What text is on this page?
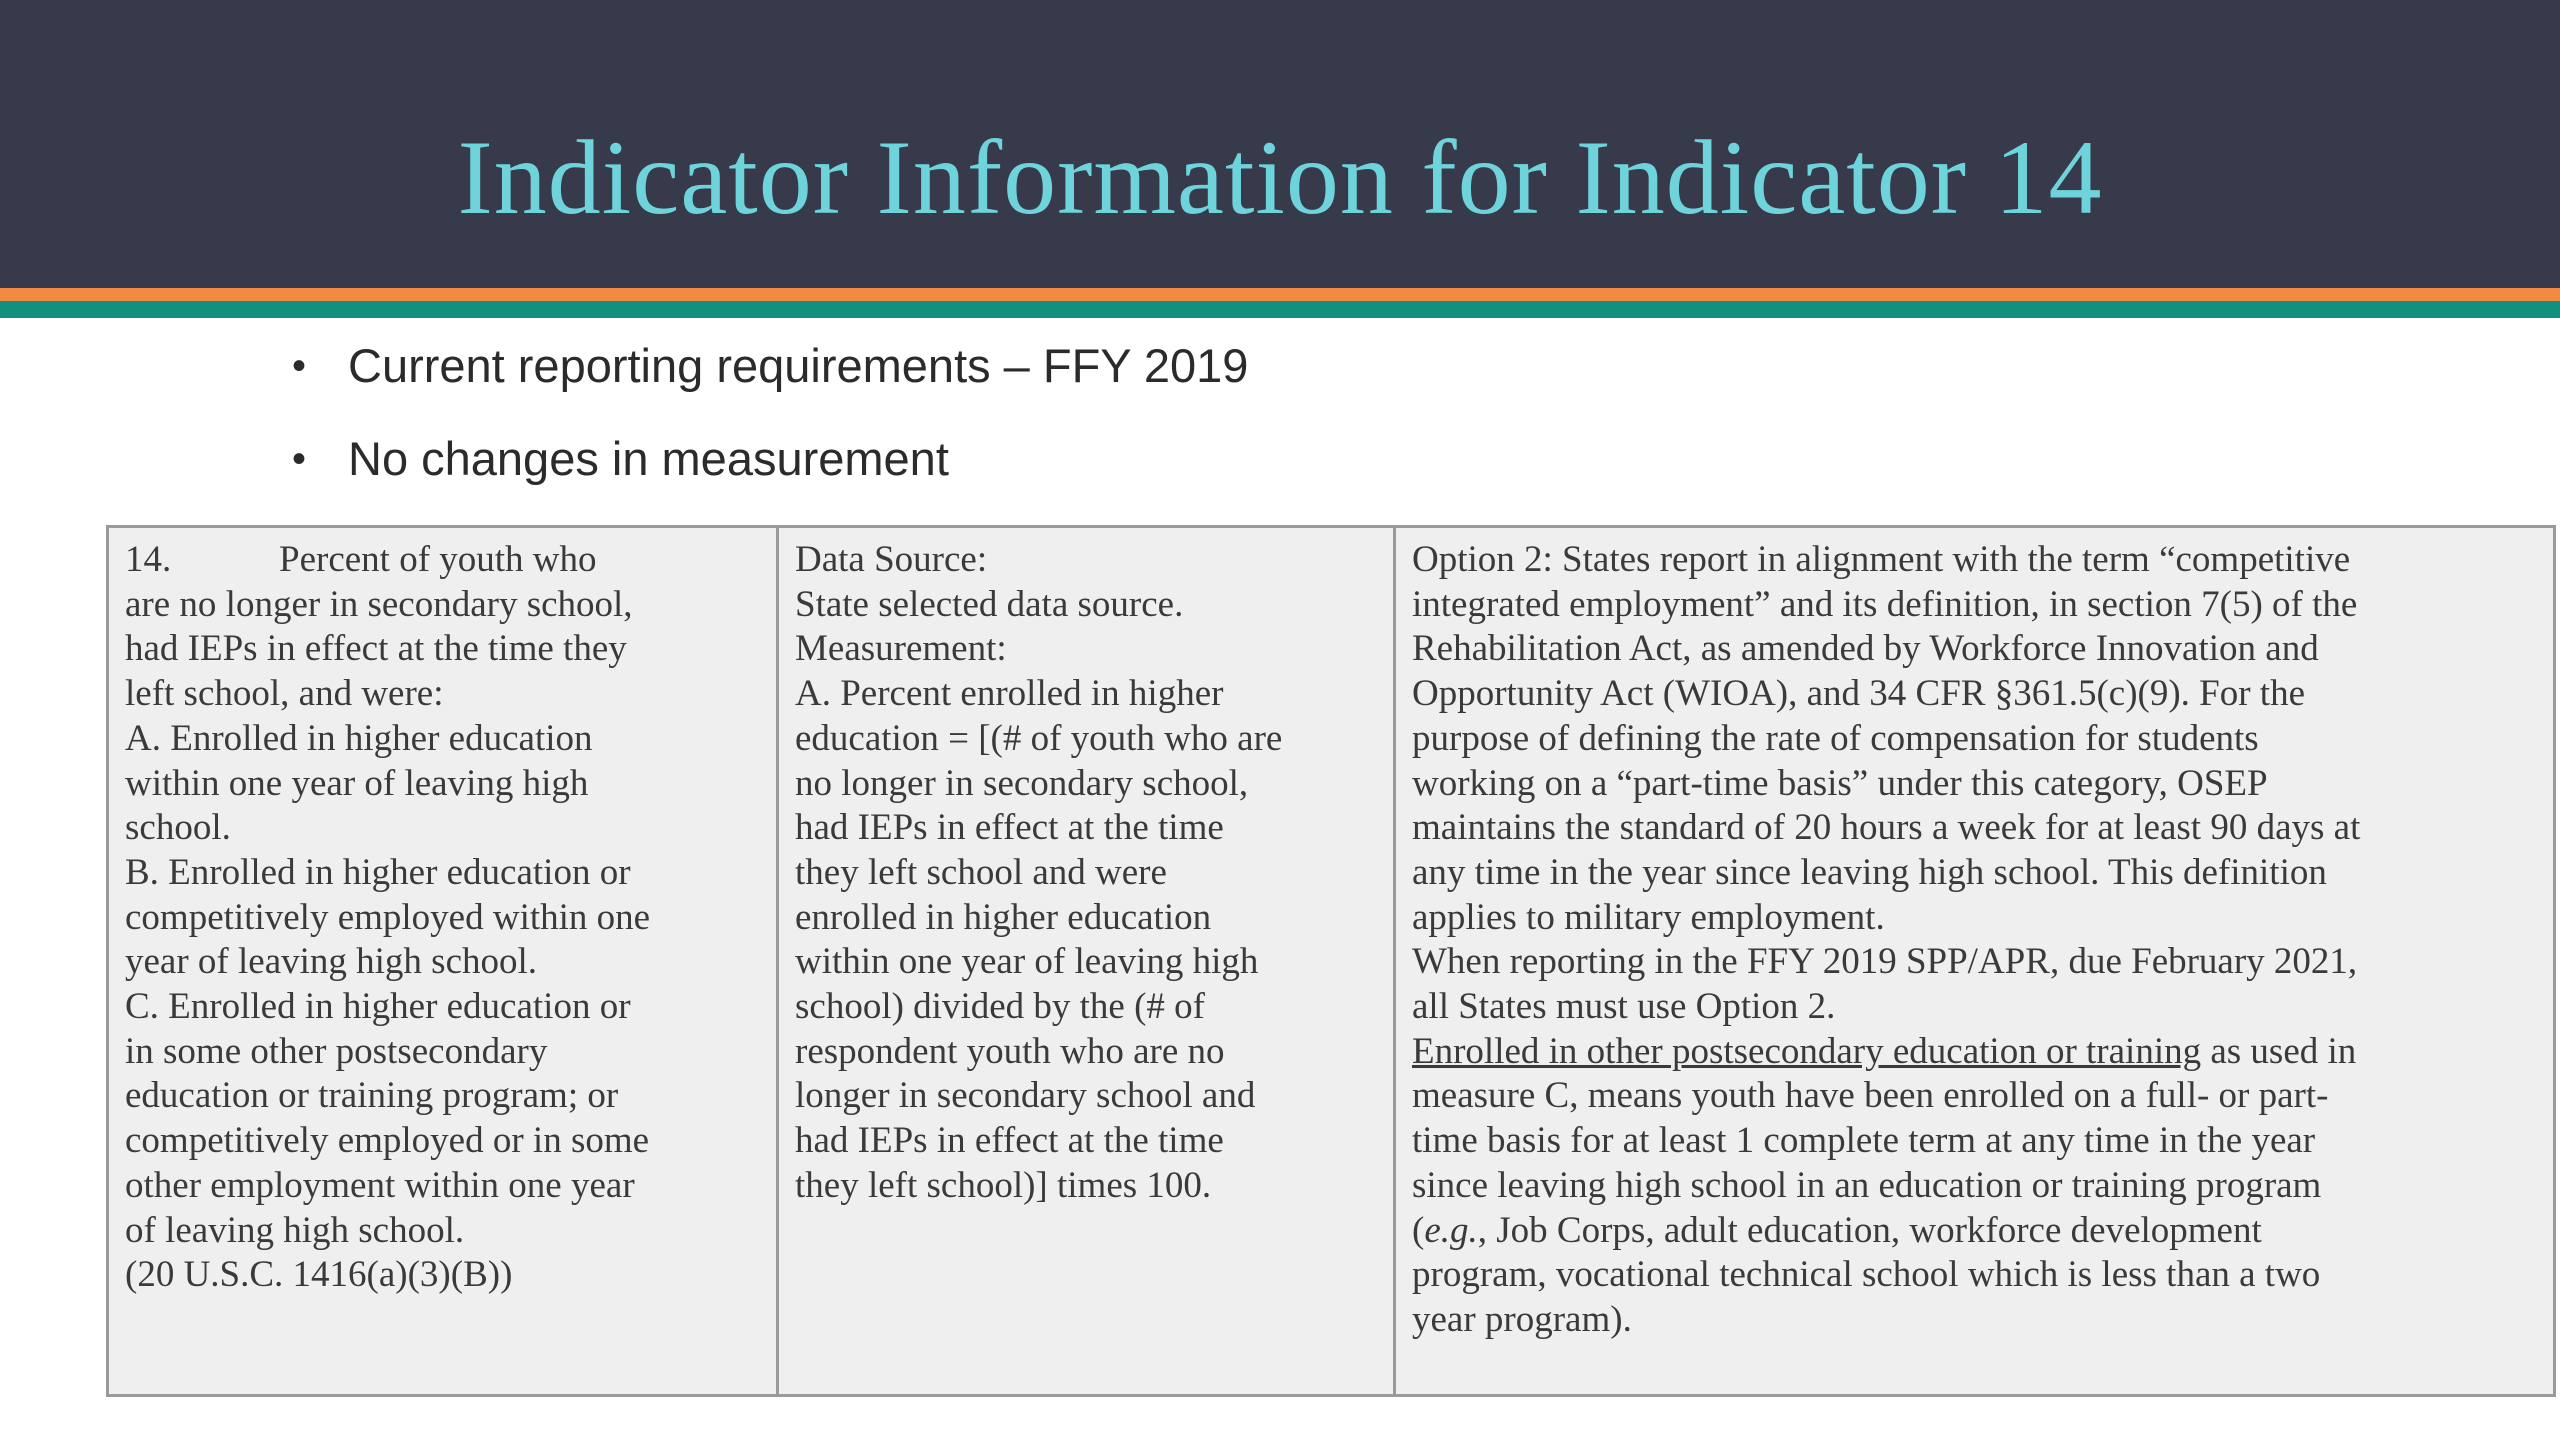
Indicator Information for Indicator 14
• Current reporting requirements – FFY 2019
• No changes in measurement
14.	Percent of youth who
are no longer in secondary school,
had IEPs in effect at the time they
left school, and were:
A. Enrolled in higher education
within one year of leaving high
school.
B. Enrolled in higher education or
competitively employed within one
year of leaving high school.
C. Enrolled in higher education or
in some other postsecondary
education or training program; or
competitively employed or in some
other employment within one year
of leaving high school.
(20 U.S.C. 1416(a)(3)(B))

Data Source:
State selected data source.
Measurement:
A. Percent enrolled in higher
education = [(# of youth who are
no longer in secondary school,
had IEPs in effect at the time
they left school and were
enrolled in higher education
within one year of leaving high
school) divided by the (# of
respondent youth who are no
longer in secondary school and
had IEPs in effect at the time
they left school)] times 100.

Option 2: States report in alignment with the term “competitive
integrated employment” and its definition, in section 7(5) of the
Rehabilitation Act, as amended by Workforce Innovation and
Opportunity Act (WIOA), and 34 CFR §361.5(c)(9). For the
purpose of defining the rate of compensation for students
working on a “part-time basis” under this category, OSEP
maintains the standard of 20 hours a week for at least 90 days at
any time in the year since leaving high school. This definition
applies to military employment.
When reporting in the FFY 2019 SPP/APR, due February 2021,
all States must use Option 2.
Enrolled in other postsecondary education or training as used in
measure C, means youth have been enrolled on a full- or part-
time basis for at least 1 complete term at any time in the year
since leaving high school in an education or training program
(e.g., Job Corps, adult education, workforce development
program, vocational technical school which is less than a two
year program).
